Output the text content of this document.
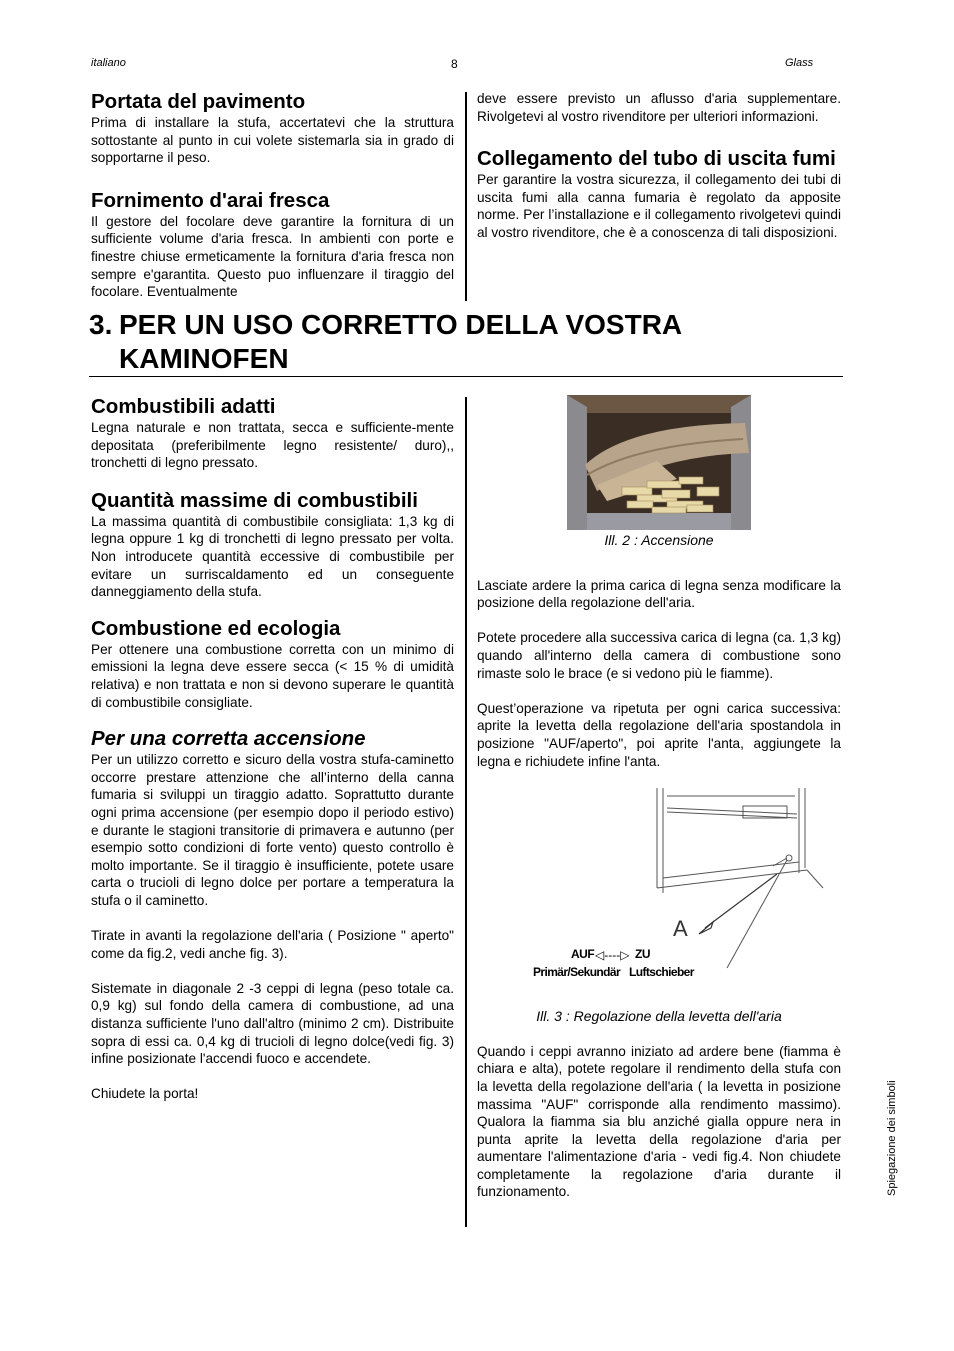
italiano	8	Glass
Portata del pavimento

Prima di installare la stufa, accertatevi che la struttura sottostante al punto in cui volete sistemarla sia in grado di sopportarne il peso.

Fornimento d'arai fresca

Il gestore del focolare deve garantire la fornitura di un sufficiente volume d'aria fresca. In ambienti con porte e finestre chiuse ermeticamente la fornitura d'aria fresca non sempre e'garantita. Questo puo influenzare il tiraggio del focolare. Eventualmente

deve essere previsto un aflusso d'aria supplementare. Rivolgetevi al vostro rivenditore per ulteriori informazioni.

Collegamento del tubo di uscita fumi

Per garantire la vostra sicurezza, il collegamento dei tubi di uscita fumi alla canna fumaria è regolato da apposite norme. Per l’installazione e il collegamento rivolgetevi quindi al vostro rivenditore, che è a conoscenza di tali disposizioni.

3. PER UN USO CORRETTO DELLA VOSTRA
KAMINOFEN
Combustibili adatti

Legna naturale e non trattata, secca e sufficiente-mente depositata (preferibilmente legno resistente/ duro),, tronchetti di legno pressato.

Quantità massime di combustibili

La massima quantità di combustibile consigliata: 1,3 kg di legna oppure 1 kg di tronchetti di legno pressato per volta. Non introducete quantità eccessive di combustibile per evitare un surriscaldamento ed un conseguente danneggiamento della stufa.

Combustione ed ecologia

Per ottenere una combustione corretta con un minimo di emissioni la legna deve essere secca (< 15 % di umidità relativa) e non trattata e non si devono superare le quantità di combustibile consigliate.

Per una corretta accensione

Per un utilizzo corretto e sicuro della vostra stufa-caminetto occorre prestare attenzione che all’interno della canna fumaria si sviluppi un tiraggio adatto. Soprattutto durante ogni prima accensione (per esempio dopo il periodo estivo) e durante le stagioni transitorie di primavera e autunno (per esempio sotto condizioni di forte vento) questo controllo è molto importante. Se il tiraggio è insufficiente, potete usare carta o trucioli di legno dolce per portare a temperatura la stufa o il caminetto.

Tirate in avanti la regolazione dell'aria ( Posizione " aperto" come da fig.2, vedi anche fig. 3).

Sistemate in diagonale 2 -3 ceppi di legna (peso totale ca. 0,9 kg) sul fondo della camera di combustione, ad una distanza sufficiente l'uno dall'altro (minimo 2 cm). Distribuite sopra di essi ca. 0,4 kg di trucioli di legno dolce(vedi fig. 3) infine posizionate l'accendi fuoco e accendete.

Chiudete la porta!

Ill. 2 : Accensione

Lasciate ardere la prima carica di legna senza modificare la posizione della regolazione dell'aria.

Potete procedere alla successiva carica di legna (ca. 1,3 kg) quando all'interno della camera di combustione sono rimaste solo le brace (e si vedono più le fiamme).

Quest’operazione va ripetuta per ogni carica successiva: aprite la levetta della regolazione dell'aria spostandola in posizione "AUF/aperto", poi aprite l'anta, aggiungete la legna e richiudete infine l'anta.

A
AUF ◁----▷ ZU
Primär/Sekundär Luftschieber

Ill. 3 : Regolazione della levetta dell'aria

Quando i ceppi avranno iniziato ad ardere bene (fiamma è chiara e alta), potete regolare il rendimento della stufa con la levetta della regolazione dell'aria ( la levetta in posizione massima "AUF" corrisponde alla rendimento massimo). Qualora la fiamma sia blu anziché gialla oppure nera in punta aprite la levetta della regolazione d'aria per aumentare l'alimentazione d'aria - vedi fig.4. Non chiudete completamente la regolazione d'aria durante il funzionamento.	Spiegazione dei simboli
